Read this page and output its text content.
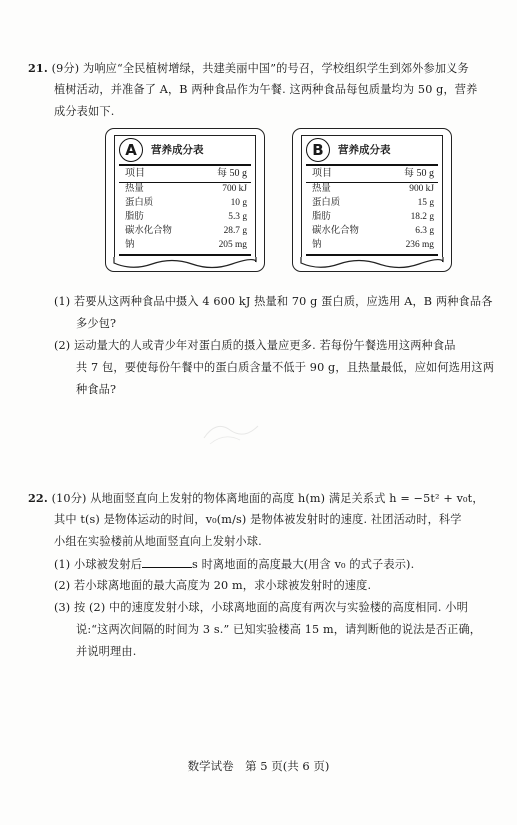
21. (9分) 为响应“全民植树增绿，共建美丽中国”的号召，学校组织学生到郊外参加义务
植树活动，并准备了 A，B 两种食品作为午餐. 这两种食品每包质量均为 50 g，营养
成分表如下.
A	营养成分表
项目	每 50 g
热量	700 kJ
蛋白质	10 g
脂肪	5.3 g
碳水化合物	28.7 g
钠	205 mg
B	营养成分表
项目	每 50 g
热量	900 kJ
蛋白质	15 g
脂肪	18.2 g
碳水化合物	6.3 g
钠	236 mg
(1) 若要从这两种食品中摄入 4 600 kJ 热量和 70 g 蛋白质，应选用 A，B 两种食品各
多少包?
(2) 运动量大的人或青少年对蛋白质的摄入量应更多. 若每份午餐选用这两种食品
共 7 包，要使每份午餐中的蛋白质含量不低于 90 g，且热量最低，应如何选用这两
种食品?
22. (10分) 从地面竖直向上发射的物体离地面的高度 h(m) 满足关系式 h = −5t² + v₀t，
其中 t(s) 是物体运动的时间，v₀(m/s) 是物体被发射时的速度. 社团活动时，科学
小组在实验楼前从地面竖直向上发射小球.
(1) 小球被发射后	s 时离地面的高度最大(用含 v₀ 的式子表示).
(2) 若小球离地面的最大高度为 20 m，求小球被发射时的速度.
(3) 按 (2) 中的速度发射小球，小球离地面的高度有两次与实验楼的高度相同. 小明
说:“这两次间隔的时间为 3 s.” 已知实验楼高 15 m，请判断他的说法是否正确，
并说明理由.
数学试卷　第 5 页(共 6 页)
